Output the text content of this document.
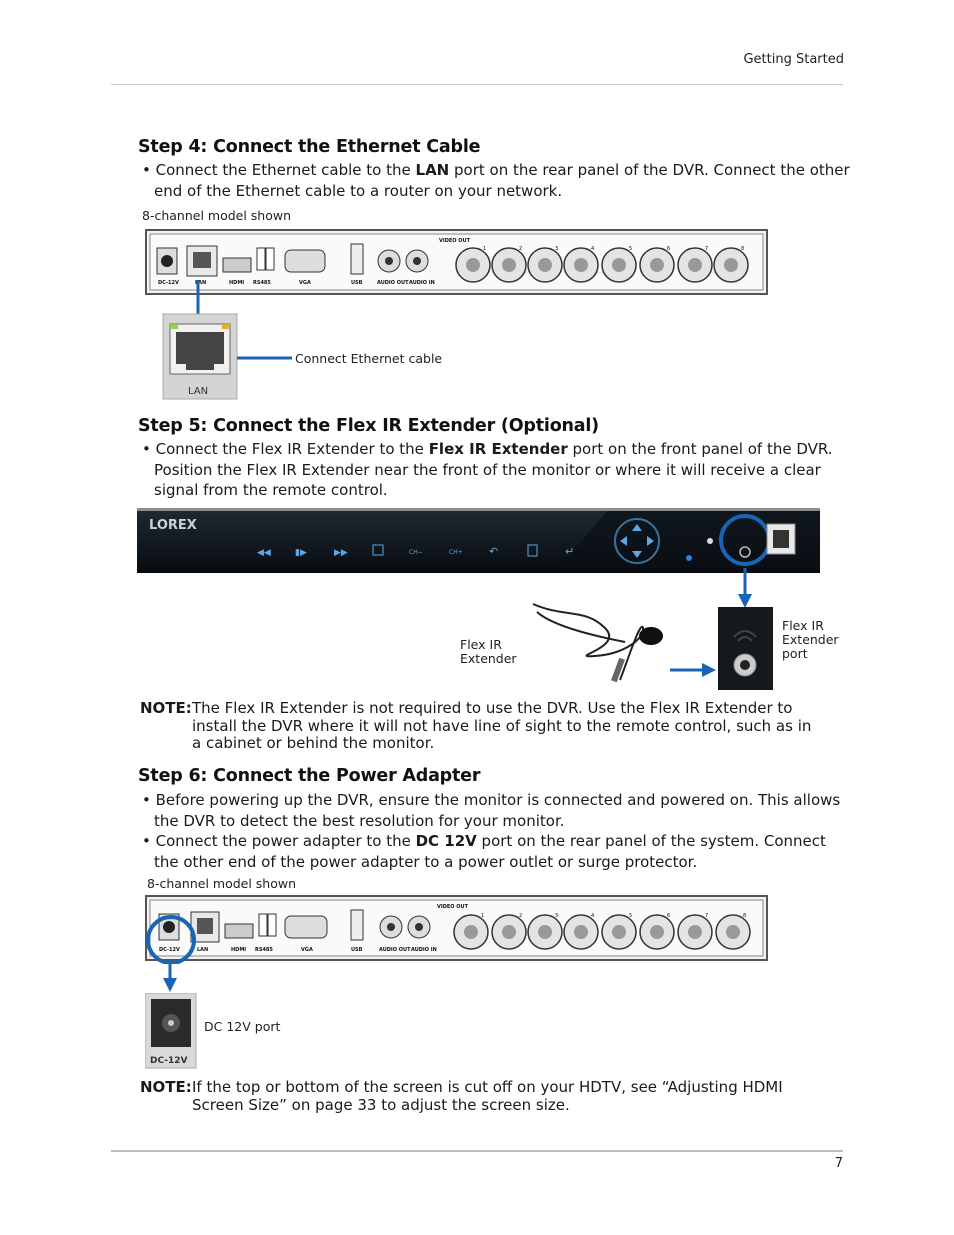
Getting Started
Step 4: Connect the Ethernet Cable

• Connect the Ethernet cable to the LAN port on the rear panel of the DVR. Connect the other end of the Ethernet cable to a router on your network.

8-channel model shown
DC-12V	LAN	HDMI RS485	VGA	USB	AUDIO OUT AUDIO IN
VIDEO OUT
1	2	3	4	5	6	7	8
LAN
Connect Ethernet cable
Step 5: Connect the Flex IR Extender (Optional)

• Connect the Flex IR Extender to the Flex IR Extender port on the front panel of the DVR. Position the Flex IR Extender near the front of the monitor or where it will receive a clear signal from the remote control.

LOREX
◀◀	▮▶	▶▶	CH−	CH+ ↶	↵
Flex IR
Extender
Flex IR
Extender
port
NOTE: The Flex IR Extender is not required to use the DVR. Use the Flex IR Extender to install the DVR where it will not have line of sight to the remote control, such as in a cabinet or behind the monitor.
Step 6: Connect the Power Adapter

• Before powering up the DVR, ensure the monitor is connected and powered on. This allows the DVR to detect the best resolution for your monitor.

• Connect the power adapter to the DC 12V port on the rear panel of the system. Connect the other end of the power adapter to a power outlet or surge protector.

8-channel model shown
DC-12V	LAN	HDMI RS485	VGA	USB	AUDIO OUT AUDIO IN
VIDEO OUT
1	2	3	4	5	6	7	8
DC-12V
DC 12V port
NOTE: If the top or bottom of the screen is cut off on your HDTV, see “Adjusting HDMI Screen Size” on page 33 to adjust the screen size.
7
